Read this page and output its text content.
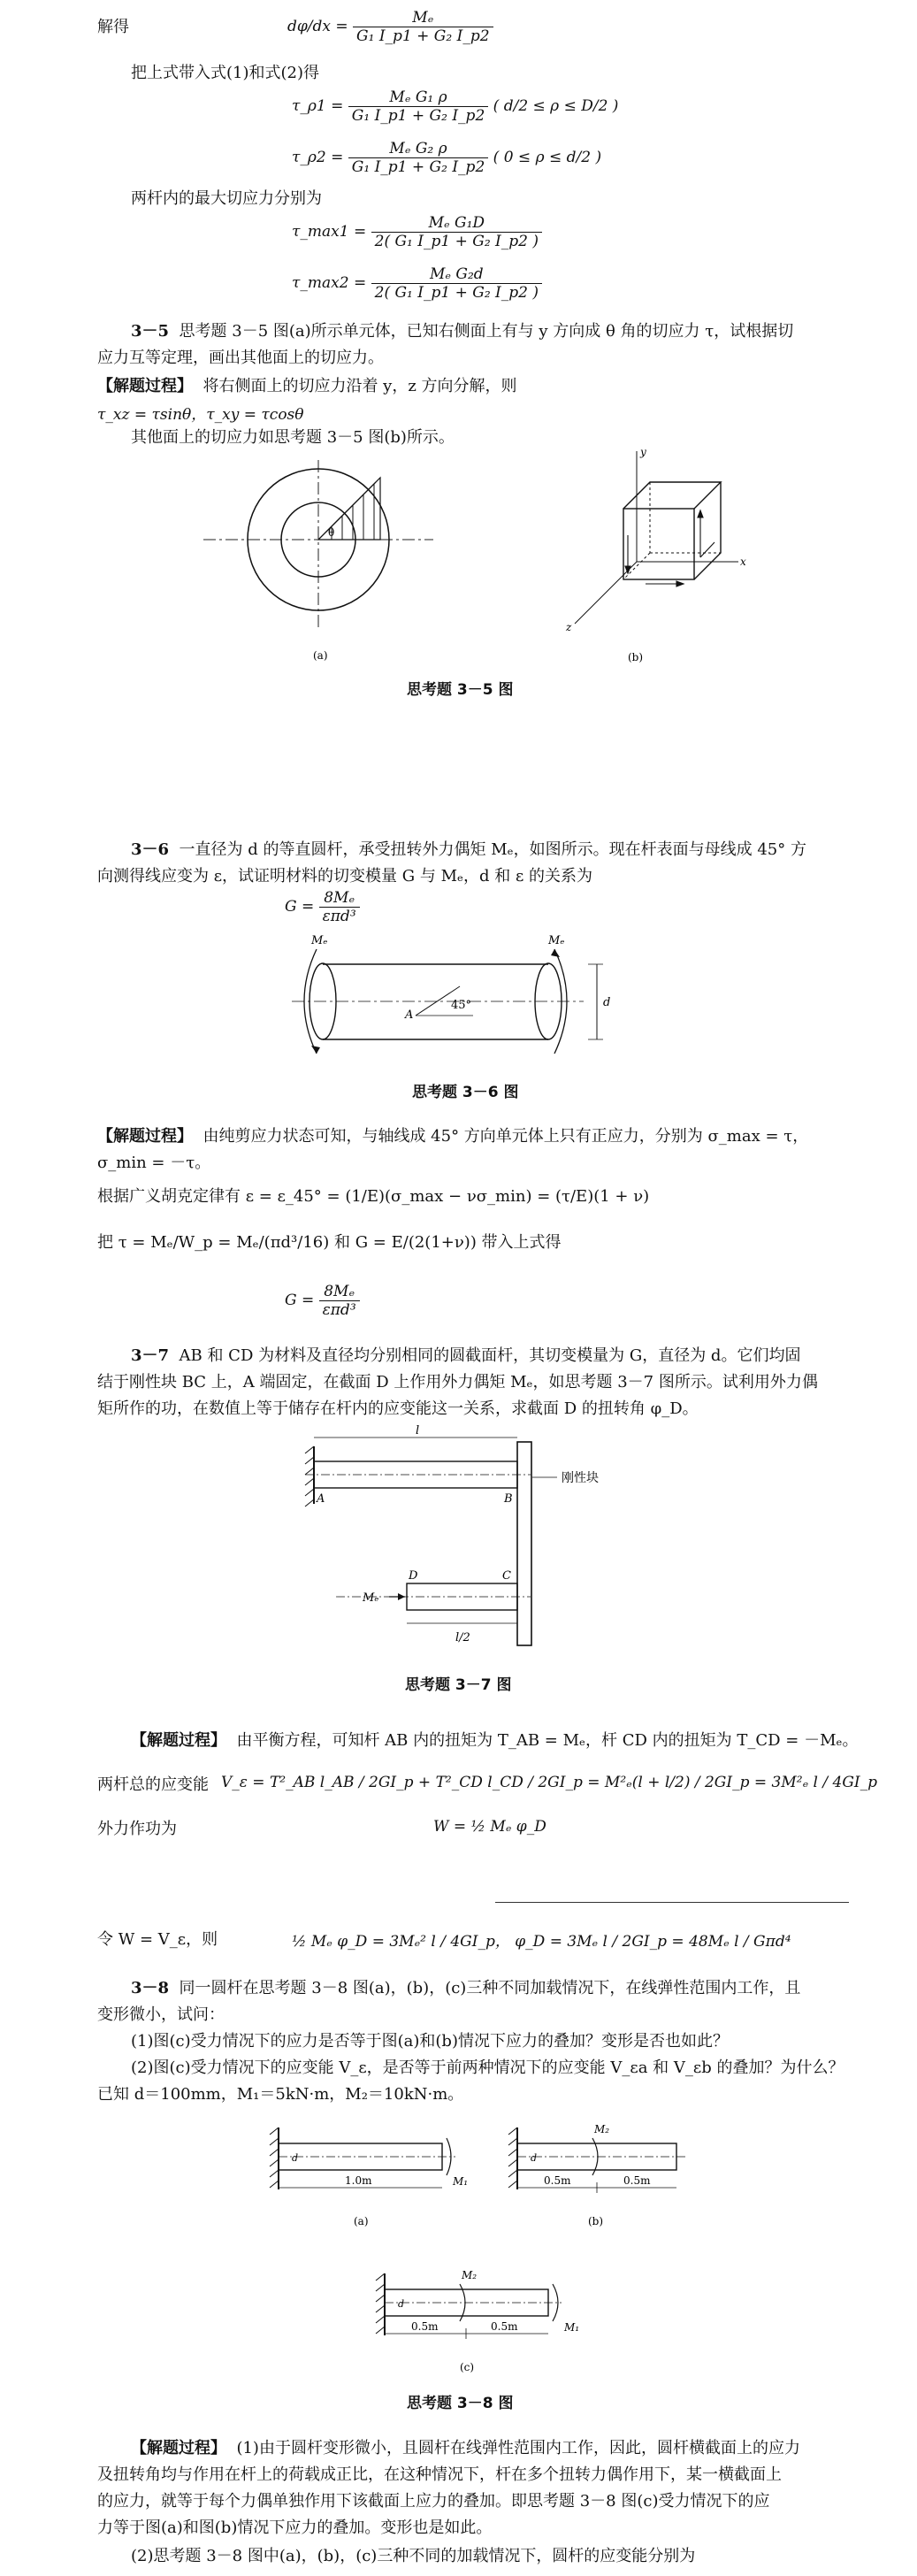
解得	$d\varphi/dx = \frac{\text{Mₑ}}{\text{G₁ I\_p1 + G₂ I\_p2}}$
把上式带入式(1)和式(2)得
τ_ρ1 = $\frac{\text{Mₑ G₁ ρ}}{\text{G₁ I\_p1 + G₂ I\_p2}}$ ( d/2 ≤ ρ ≤ D/2 )
τ_ρ2 = $\frac{\text{Mₑ G₂ ρ}}{\text{G₁ I\_p1 + G₂ I\_p2}}$ ( 0 ≤ ρ ≤ d/2 )
两杆内的最大切应力分别为
τ_max1 = $\frac{\text{Mₑ G₁D}}{\text{2( G₁ I\_p1 + G₂ I\_p2 )}}$
τ_max2 = $\frac{\text{Mₑ G₂d}}{\text{2( G₁ I\_p1 + G₂ I\_p2 )}}$
3－5 思考题 3－5 图(a)所示单元体，已知右侧面上有与 y 方向成 θ 角的切应力 τ，试根据切
应力互等定理，画出其他面上的切应力。
【解题过程】 将右侧面上的切应力沿着 y，z 方向分解，则
τ_xz = τsinθ，τ_xy = τcosθ
其他面上的切应力如思考题 3－5 图(b)所示。
θ
(a)
y
x
z
(b)
思考题 3－5 图
3－6 一直径为 d 的等直圆杆，承受扭转外力偶矩 Mₑ，如图所示。现在杆表面与母线成 45° 方
向测得线应变为 ε，试证明材料的切变模量 G 与 Mₑ，d 和 ε 的关系为
$G = \frac{\text{8Mₑ}}{\text{επd³}}$
A
45°
Mₑ	Mₑ
d
思考题 3－6 图
【解题过程】 由纯剪应力状态可知，与轴线成 45° 方向单元体上只有正应力，分别为 σ_max = τ，
σ_min = －τ。
根据广义胡克定律有 ε = ε_45° = (1/E)(σ_max − νσ_min) = (τ/E)(1 + ν)
把 τ = Mₑ/W_p = Mₑ/(πd³/16) 和 G = E/(2(1+ν)) 带入上式得
$G = \frac{\text{8Mₑ}}{\text{επd³}}$
3－7 AB 和 CD 为材料及直径均分别相同的圆截面杆，其切变模量为 G，直径为 d。它们均固
结于刚性块 BC 上，A 端固定，在截面 D 上作用外力偶矩 Mₑ，如思考题 3－7 图所示。试利用外力偶
矩所作的功，在数值上等于储存在杆内的应变能这一关系，求截面 D 的扭转角 φ_D。
l
l/2
A	B
C
D
Mₑ
刚性块
思考题 3－7 图
【解题过程】 由平衡方程，可知杆 AB 内的扭矩为 T_AB = Mₑ，杆 CD 内的扭矩为 T_CD = －Mₑ。
两杆总的应变能 V_ε = T²_AB l_AB / 2GI_p + T²_CD l_CD / 2GI_p = M²ₑ(l + l/2) / 2GI_p = 3M²ₑ l / 4GI_p
外力作功为	W = ½ Mₑ φ_D
令 W = V_ε，则	½ Mₑ φ_D = 3Mₑ² l / 4GI_p， φ_D = 3Mₑ l / 2GI_p = 48Mₑ l / Gπd⁴
3－8 同一圆杆在思考题 3－8 图(a)，(b)，(c)三种不同加载情况下，在线弹性范围内工作，且
变形微小，试问：
(1)图(c)受力情况下的应力是否等于图(a)和(b)情况下应力的叠加？变形是否也如此？
(2)图(c)受力情况下的应变能 V_ε，是否等于前两种情况下的应变能 V_εa 和 V_εb 的叠加？为什么？
已知 d＝100mm，M₁＝5kN·m，M₂＝10kN·m。
M₁
d
1.0m
(a)
M₂
d
0.5m	0.5m
(b)
M₂
M₁
d
0.5m	0.5m
(c)
思考题 3－8 图
【解题过程】 (1)由于圆杆变形微小，且圆杆在线弹性范围内工作，因此，圆杆横截面上的应力
及扭转角均与作用在杆上的荷载成正比，在这种情况下，杆在多个扭转力偶作用下，某一横截面上
的应力，就等于每个力偶单独作用下该截面上应力的叠加。即思考题 3－8 图(c)受力情况下的应
力等于图(a)和图(b)情况下应力的叠加。变形也是如此。
(2)思考题 3－8 图中(a)，(b)，(c)三种不同的加载情况下，圆杆的应变能分别为
